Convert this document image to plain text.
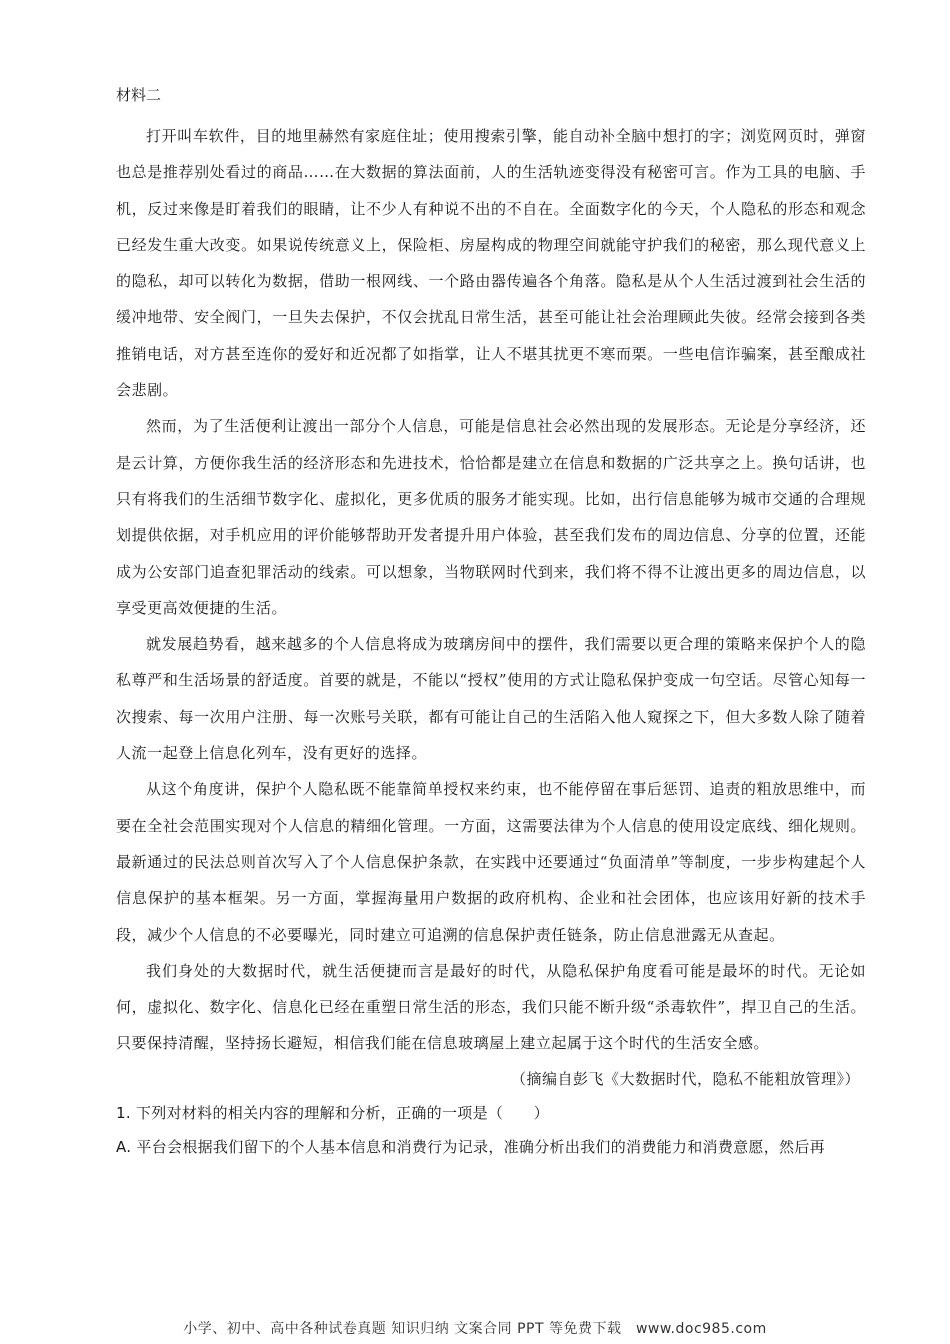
材料二

打开叫车软件，目的地里赫然有家庭住址；使用搜索引擎，能自动补全脑中想打的字；浏览网页时，弹窗也总是推荐别处看过的商品……在大数据的算法面前，人的生活轨迹变得没有秘密可言。作为工具的电脑、手机，反过来像是盯着我们的眼睛，让不少人有种说不出的不自在。全面数字化的今天，个人隐私的形态和观念已经发生重大改变。如果说传统意义上，保险柜、房屋构成的物理空间就能守护我们的秘密，那么现代意义上的隐私，却可以转化为数据，借助一根网线、一个路由器传遍各个角落。隐私是从个人生活过渡到社会生活的缓冲地带、安全阀门，一旦失去保护，不仅会扰乱日常生活，甚至可能让社会治理顾此失彼。经常会接到各类推销电话，对方甚至连你的爱好和近况都了如指掌，让人不堪其扰更不寒而栗。一些电信诈骗案，甚至酿成社会悲剧。

然而，为了生活便利让渡出一部分个人信息，可能是信息社会必然出现的发展形态。无论是分享经济，还是云计算，方便你我生活的经济形态和先进技术，恰恰都是建立在信息和数据的广泛共享之上。换句话讲，也只有将我们的生活细节数字化、虚拟化，更多优质的服务才能实现。比如，出行信息能够为城市交通的合理规划提供依据，对手机应用的评价能够帮助开发者提升用户体验，甚至我们发布的周边信息、分享的位置，还能成为公安部门追查犯罪活动的线索。可以想象，当物联网时代到来，我们将不得不让渡出更多的周边信息，以享受更高效便捷的生活。

就发展趋势看，越来越多的个人信息将成为玻璃房间中的摆件，我们需要以更合理的策略来保护个人的隐私尊严和生活场景的舒适度。首要的就是，不能以“授权”使用的方式让隐私保护变成一句空话。尽管心知每一次搜索、每一次用户注册、每一次账号关联，都有可能让自己的生活陷入他人窥探之下，但大多数人除了随着人流一起登上信息化列车，没有更好的选择。

从这个角度讲，保护个人隐私既不能靠简单授权来约束，也不能停留在事后惩罚、追责的粗放思维中，而要在全社会范围实现对个人信息的精细化管理。一方面，这需要法律为个人信息的使用设定底线、细化规则。最新通过的民法总则首次写入了个人信息保护条款，在实践中还要通过“负面清单”等制度，一步步构建起个人信息保护的基本框架。另一方面，掌握海量用户数据的政府机构、企业和社会团体，也应该用好新的技术手段，减少个人信息的不必要曝光，同时建立可追溯的信息保护责任链条，防止信息泄露无从查起。

我们身处的大数据时代，就生活便捷而言是最好的时代，从隐私保护角度看可能是最坏的时代。无论如何，虚拟化、数字化、信息化已经在重塑日常生活的形态，我们只能不断升级“杀毒软件”，捍卫自己的生活。只要保持清醒，坚持扬长避短，相信我们能在信息玻璃屋上建立起属于这个时代的生活安全感。

（摘编自彭飞《大数据时代，隐私不能粗放管理》）

1. 下列对材料的相关内容的理解和分析，正确的一项是（　　）

A. 平台会根据我们留下的个人基本信息和消费行为记录，准确分析出我们的消费能力和消费意愿，然后再

小学、初中、高中各种试卷真题 知识归纳 文案合同 PPT 等免费下载　www.doc985.com
